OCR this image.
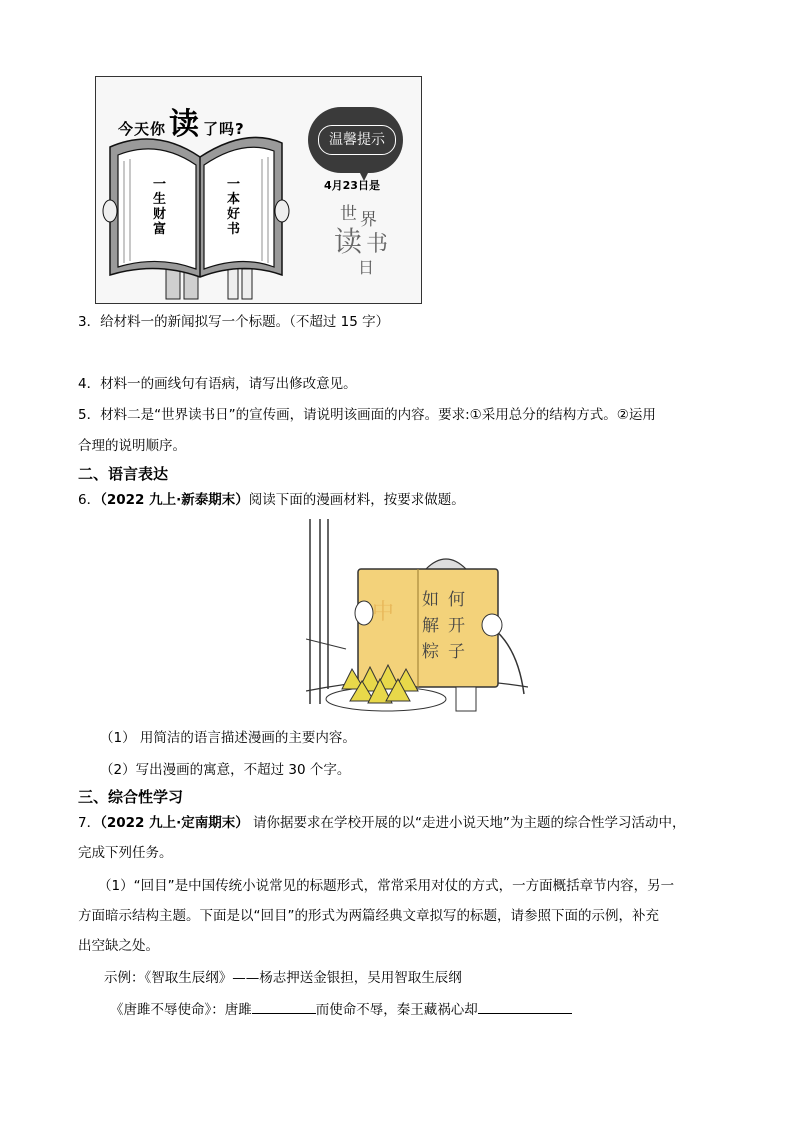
今天你 读 了吗?
一生财富
一本好书
温馨提示
4月23日是
世 界
读 书
日
3．给材料一的新闻拟写一个标题。（不超过 15 字）
4．材料一的画线句有语病，请写出修改意见。
5．材料二是“世界读书日”的宣传画，请说明该画面的内容。要求:①采用总分的结构方式。②运用
合理的说明顺序。
二、语言表达
6．（2022 九上·新泰期末）阅读下面的漫画材料，按要求做题。
中 如 何
解 开
粽 子
（1） 用简洁的语言描述漫画的主要内容。
（2）写出漫画的寓意，不超过 30 个字。
三、综合性学习
7．（2022 九上·定南期末） 请你据要求在学校开展的以“走进小说天地”为主题的综合性学习活动中，
完成下列任务。
（1）“回目”是中国传统小说常见的标题形式，常常采用对仗的方式，一方面概括章节内容，另一
方面暗示结构主题。下面是以“回目”的形式为两篇经典文章拟写的标题，请参照下面的示例，补充
出空缺之处。
示例：《智取生辰纲》——杨志押送金银担，吴用智取生辰纲
《唐雎不辱使命》：唐雎	而使命不辱，秦王藏祸心却
